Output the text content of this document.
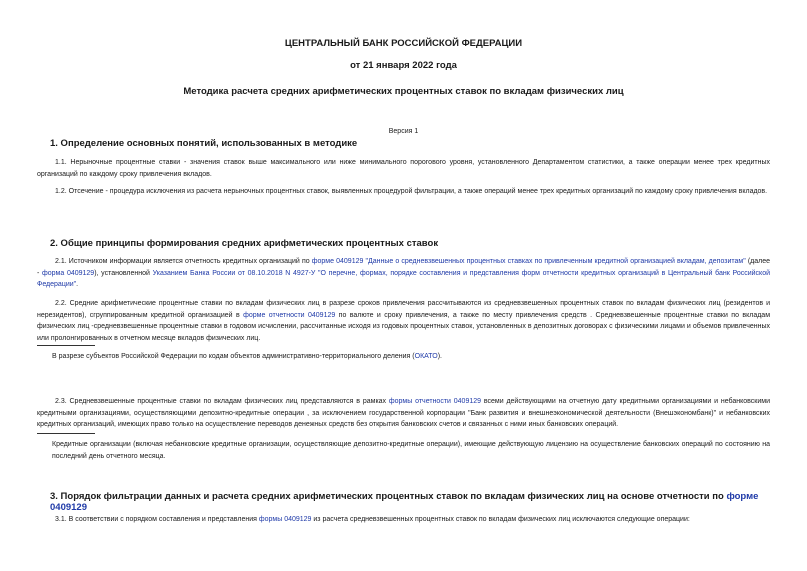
ЦЕНТРАЛЬНЫЙ БАНК РОССИЙСКОЙ ФЕДЕРАЦИИ
от 21 января 2022 года
Методика расчета средних арифметических процентных ставок по вкладам физических лиц
Версия 1
1. Определение основных понятий, использованных в методике
1.1. Нерыночные процентные ставки - значения ставок выше максимального или ниже минимального порогового уровня, установленного Департаментом статистики, а также операции менее трех кредитных организаций по каждому сроку привлечения вкладов.
1.2. Отсечение - процедура исключения из расчета нерыночных процентных ставок, выявленных процедурой фильтрации, а также операций менее трех кредитных организаций по каждому сроку привлечения вкладов.
2. Общие принципы формирования средних арифметических процентных ставок
2.1. Источником информации является отчетность кредитных организаций по форме 0409129 "Данные о средневзвешенных процентных ставках по привлеченным кредитной организацией вкладам, депозитам" (далее - форма 0409129), установленной Указанием Банка России от 08.10.2018 N 4927-У "О перечне, формах, порядке составления и представления форм отчетности кредитных организаций в Центральный банк Российской Федерации".
2.2. Средние арифметические процентные ставки по вкладам физических лиц в разрезе сроков привлечения рассчитываются из средневзвешенных процентных ставок по вкладам физических лиц (резидентов и нерезидентов), сгруппированным кредитной организацией в форме отчетности 0409129 по валюте и сроку привлечения, а также по месту привлечения средств . Средневзвешенные процентные ставки по вкладам физических лиц -средневзвешенные процентные ставки в годовом исчислении, рассчитанные исходя из годовых процентных ставок, установленных в депозитных договорах с физическими лицами и объемов привлеченных или пролонгированных в отчетном месяце вкладов физических лиц.
В разрезе субъектов Российской Федерации по кодам объектов административно-территориального деления (ОКАТО).
2.3. Средневзвешенные процентные ставки по вкладам физических лиц представляются в рамках формы отчетности 0409129 всеми действующими на отчетную дату кредитными организациями и небанковскими кредитными организациями, осуществляющими депозитно-кредитные операции , за исключением государственной корпорации "Банк развития и внешнеэкономической деятельности (Внешэкономбанк)" и небанковских кредитных организаций, имеющих право только на осуществление переводов денежных средств без открытия банковских счетов и связанных с ними иных банковских операций.
Кредитные организации (включая небанковские кредитные организации, осуществляющие депозитно-кредитные операции), имеющие действующую лицензию на осуществление банковских операций по состоянию на последний день отчетного месяца.
3. Порядок фильтрации данных и расчета средних арифметических процентных ставок по вкладам физических лиц на основе отчетности по форме 0409129
3.1. В соответствии с порядком составления и представления формы 0409129 из расчета средневзвешенных процентных ставок по вкладам физических лиц исключаются следующие операции:
